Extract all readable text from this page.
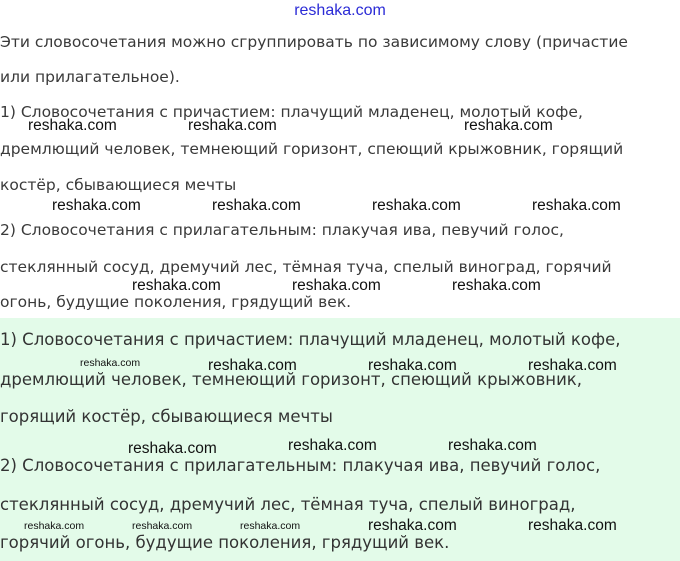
reshaka.com
Эти словосочетания можно сгруппировать по зависимому слову (причастие
или прилагательное).
1) Словосочетания с причастием: плачущий младенец, молотый кофе,
дремлющий человек, темнеющий горизонт, спеющий крыжовник, горящий
костёр, сбывающиеся мечты
2) Словосочетания с прилагательным: плакучая ива, певучий голос,
стеклянный сосуд, дремучий лес, тёмная туча, спелый виноград, горячий
огонь, будущие поколения, грядущий век.
1) Словосочетания с причастием: плачущий младенец, молотый кофе,
дремлющий человек, темнеющий горизонт, спеющий крыжовник,
горящий костёр, сбывающиеся мечты
2) Словосочетания с прилагательным: плакучая ива, певучий голос,
стеклянный сосуд, дремучий лес, тёмная туча, спелый виноград,
горячий огонь, будущие поколения, грядущий век.
reshaka.com	reshaka.com	reshaka.com
reshaka.com	reshaka.com	reshaka.com	reshaka.com
reshaka.com	reshaka.com	reshaka.com
reshaka.com	reshaka.com	reshaka.com	reshaka.com
reshaka.com	reshaka.com	reshaka.com
reshaka.com	reshaka.com	reshaka.com	reshaka.com	reshaka.com
